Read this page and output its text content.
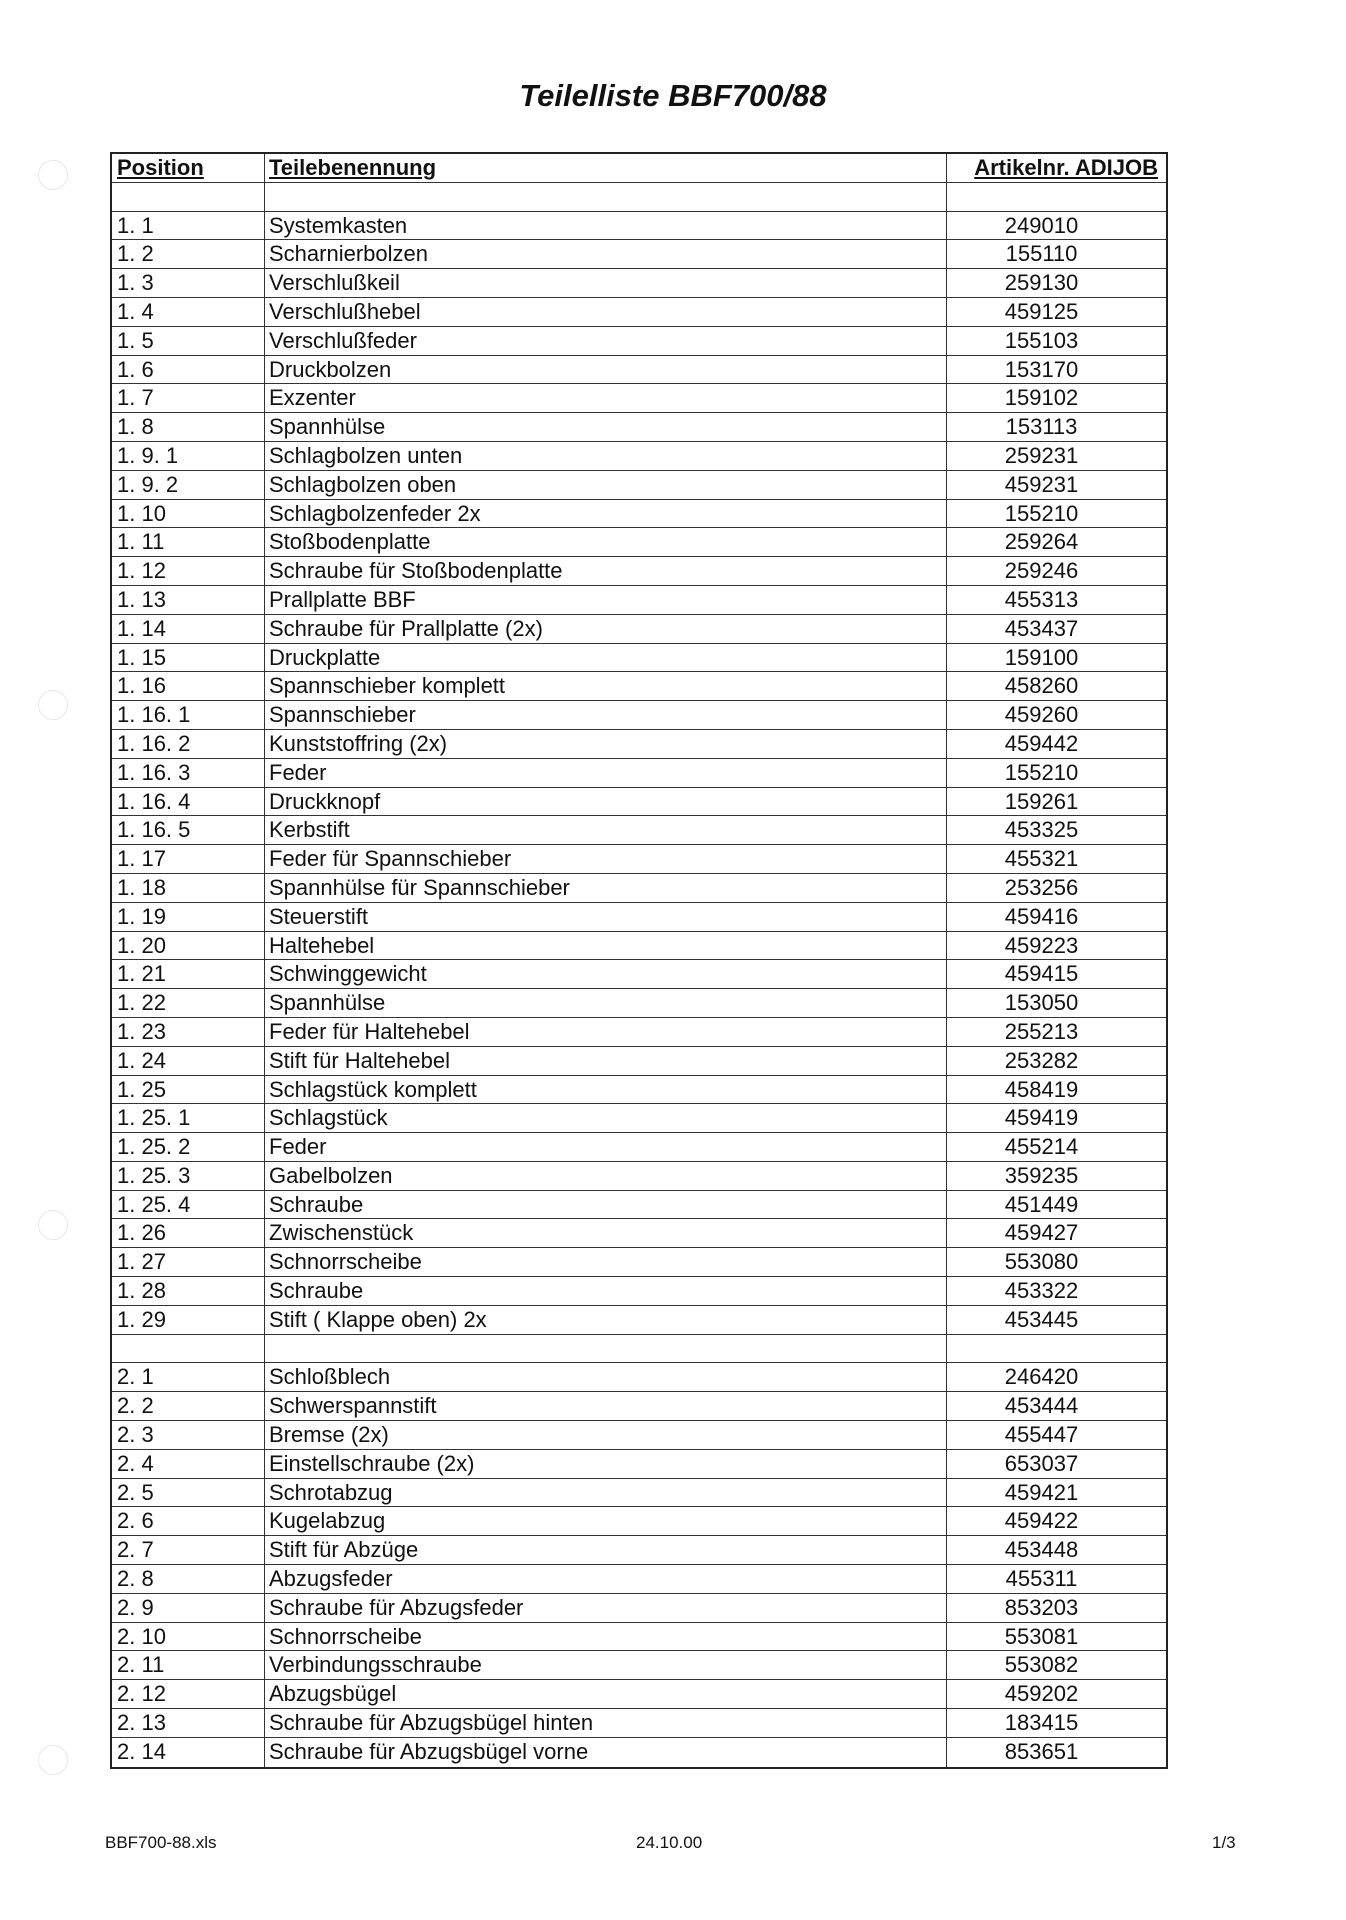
Teilelliste BBF700/88
Position	Teilebenennung	Artikelnr. ADIJOB
1. 1	Systemkasten	249010
1. 2	Scharnierbolzen	155110
1. 3	Verschlußkeil	259130
1. 4	Verschlußhebel	459125
1. 5	Verschlußfeder	155103
1. 6	Druckbolzen	153170
1. 7	Exzenter	159102
1. 8	Spannhülse	153113
1. 9. 1	Schlagbolzen unten	259231
1. 9. 2	Schlagbolzen oben	459231
1. 10	Schlagbolzenfeder 2x	155210
1. 11	Stoßbodenplatte	259264
1. 12	Schraube für Stoßbodenplatte	259246
1. 13	Prallplatte BBF	455313
1. 14	Schraube für Prallplatte (2x)	453437
1. 15	Druckplatte	159100
1. 16	Spannschieber komplett	458260
1. 16. 1	Spannschieber	459260
1. 16. 2	Kunststoffring (2x)	459442
1. 16. 3	Feder	155210
1. 16. 4	Druckknopf	159261
1. 16. 5	Kerbstift	453325
1. 17	Feder für Spannschieber	455321
1. 18	Spannhülse für Spannschieber	253256
1. 19	Steuerstift	459416
1. 20	Haltehebel	459223
1. 21	Schwinggewicht	459415
1. 22	Spannhülse	153050
1. 23	Feder für Haltehebel	255213
1. 24	Stift für Haltehebel	253282
1. 25	Schlagstück komplett	458419
1. 25. 1	Schlagstück	459419
1. 25. 2	Feder	455214
1. 25. 3	Gabelbolzen	359235
1. 25. 4	Schraube	451449
1. 26	Zwischenstück	459427
1. 27	Schnorrscheibe	553080
1. 28	Schraube	453322
1. 29	Stift ( Klappe oben) 2x	453445
2. 1	Schloßblech	246420
2. 2	Schwerspannstift	453444
2. 3	Bremse (2x)	455447
2. 4	Einstellschraube (2x)	653037
2. 5	Schrotabzug	459421
2. 6	Kugelabzug	459422
2. 7	Stift für Abzüge	453448
2. 8	Abzugsfeder	455311
2. 9	Schraube für Abzugsfeder	853203
2. 10	Schnorrscheibe	553081
2. 11	Verbindungsschraube	553082
2. 12	Abzugsbügel	459202
2. 13	Schraube für Abzugsbügel hinten	183415
2. 14	Schraube für Abzugsbügel vorne	853651
BBF700-88.xls	24.10.00	1/3
